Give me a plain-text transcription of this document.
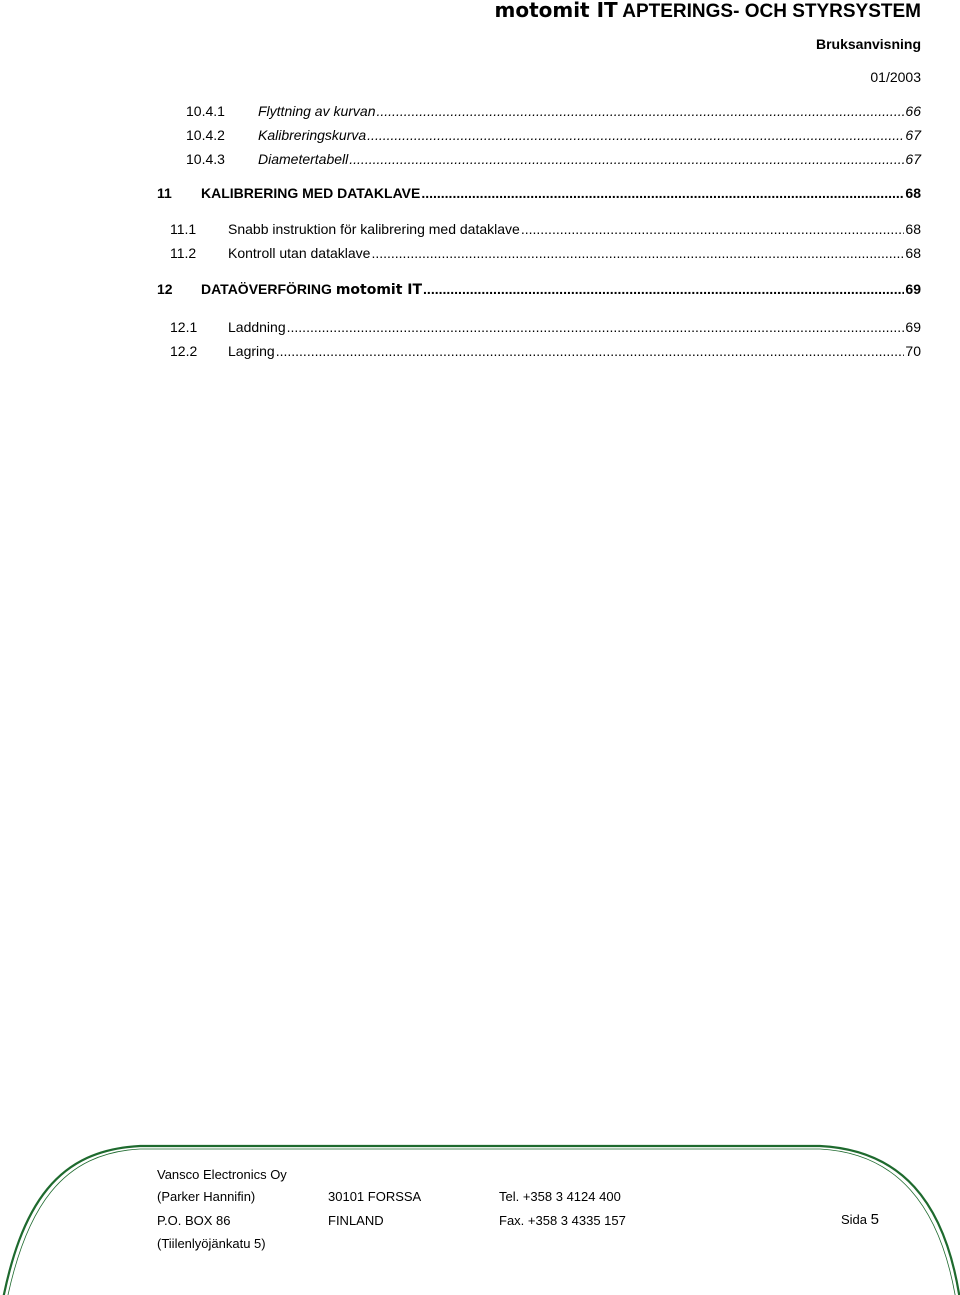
motomit IT APTERINGS- OCH STYRSYSTEM
Bruksanvisning
01/2003
10.4.1	Flyttning av kurvan .....	66
10.4.2	Kalibreringskurva .....	67
10.4.3	Diametertabell .....	67
11	KALIBRERING MED DATAKLAVE .....	68
11.1	Snabb instruktion för kalibrering med dataklave .....	68
11.2	Kontroll utan dataklave .....	68
12	DATAÖVERFÖRING motomit IT .....	69
12.1	Laddning .....	69
12.2	Lagring .....	70
Vansco Electronics Oy
(Parker Hannifin)	30101 FORSSA	Tel. +358 3 4124 400
P.O. BOX 86	FINLAND	Fax. +358 3 4335 157	Sida 5
(Tiilenlyöjänkatu 5)
